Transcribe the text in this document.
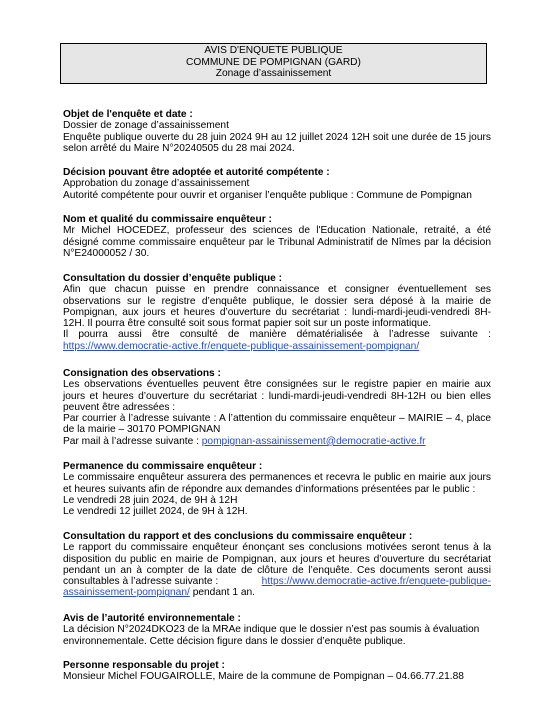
AVIS D'ENQUETE PUBLIQUE
COMMUNE DE POMPIGNAN (GARD)
Zonage d’assainissement
Objet de l'enquête et date :
Dossier de zonage d’assainissement
Enquête publique ouverte du 28 juin 2024 9H au 12 juillet 2024 12H soit une durée de 15 jours
selon arrêté du Maire N°20240505 du 28 mai 2024.
Décision pouvant être adoptée et autorité compétente :
Approbation du zonage d’assainissement
Autorité compétente pour ouvrir et organiser l’enquête publique : Commune de Pompignan
Nom et qualité du commissaire enquêteur :
Mr Michel HOCEDEZ, professeur des sciences de l'Education Nationale, retraité, a été
désigné comme commissaire enquêteur par le Tribunal Administratif de Nîmes par la décision
N°E24000052 / 30.
Consultation du dossier d’enquête publique :
Afin que chacun puisse en prendre connaissance et consigner éventuellement ses
observations sur le registre d’enquête publique, le dossier sera déposé à la mairie de
Pompignan, aux jours et heures d’ouverture du secrétariat : lundi-mardi-jeudi-vendredi 8H-
12H. Il pourra être consulté soit sous format papier soit sur un poste informatique.
Il pourra aussi être consulté de manière dématérialisée à l’adresse suivante :
https://www.democratie-active.fr/enquete-publique-assainissement-pompignan/
Consignation des observations :
Les observations éventuelles peuvent être consignées sur le registre papier en mairie aux
jours et heures d’ouverture du secrétariat : lundi-mardi-jeudi-vendredi 8H-12H ou bien elles
peuvent être adressées :
Par courrier à l’adresse suivante : A l’attention du commissaire enquêteur – MAIRIE – 4, place
de la mairie – 30170 POMPIGNAN
Par mail à l’adresse suivante : pompignan-assainissement@democratie-active.fr
Permanence du commissaire enquêteur :
Le commissaire enquêteur assurera des permanences et recevra le public en mairie aux jours
et heures suivants afin de répondre aux demandes d’informations présentées par le public :
Le vendredi 28 juin 2024, de 9H à 12H
Le vendredi 12 juillet 2024, de 9H à 12H.
Consultation du rapport et des conclusions du commissaire enquêteur :
Le rapport du commissaire enquêteur énonçant ses conclusions motivées seront tenus à la
disposition du public en mairie de Pompignan, aux jours et heures d’ouverture du secrétariat
pendant un an à compter de la date de clôture de l’enquête. Ces documents seront aussi
consultables à l’adresse suivante :	https://www.democratie-active.fr/enquete-publique-
assainissement-pompignan/ pendant 1 an.
Avis de l’autorité environnementale :
La décision N°2024DKO23 de la MRAe indique que le dossier n’est pas soumis à évaluation
environnementale. Cette décision figure dans le dossier d’enquête publique.
Personne responsable du projet :
Monsieur Michel FOUGAIROLLE, Maire de la commune de Pompignan – 04.66.77.21.88
